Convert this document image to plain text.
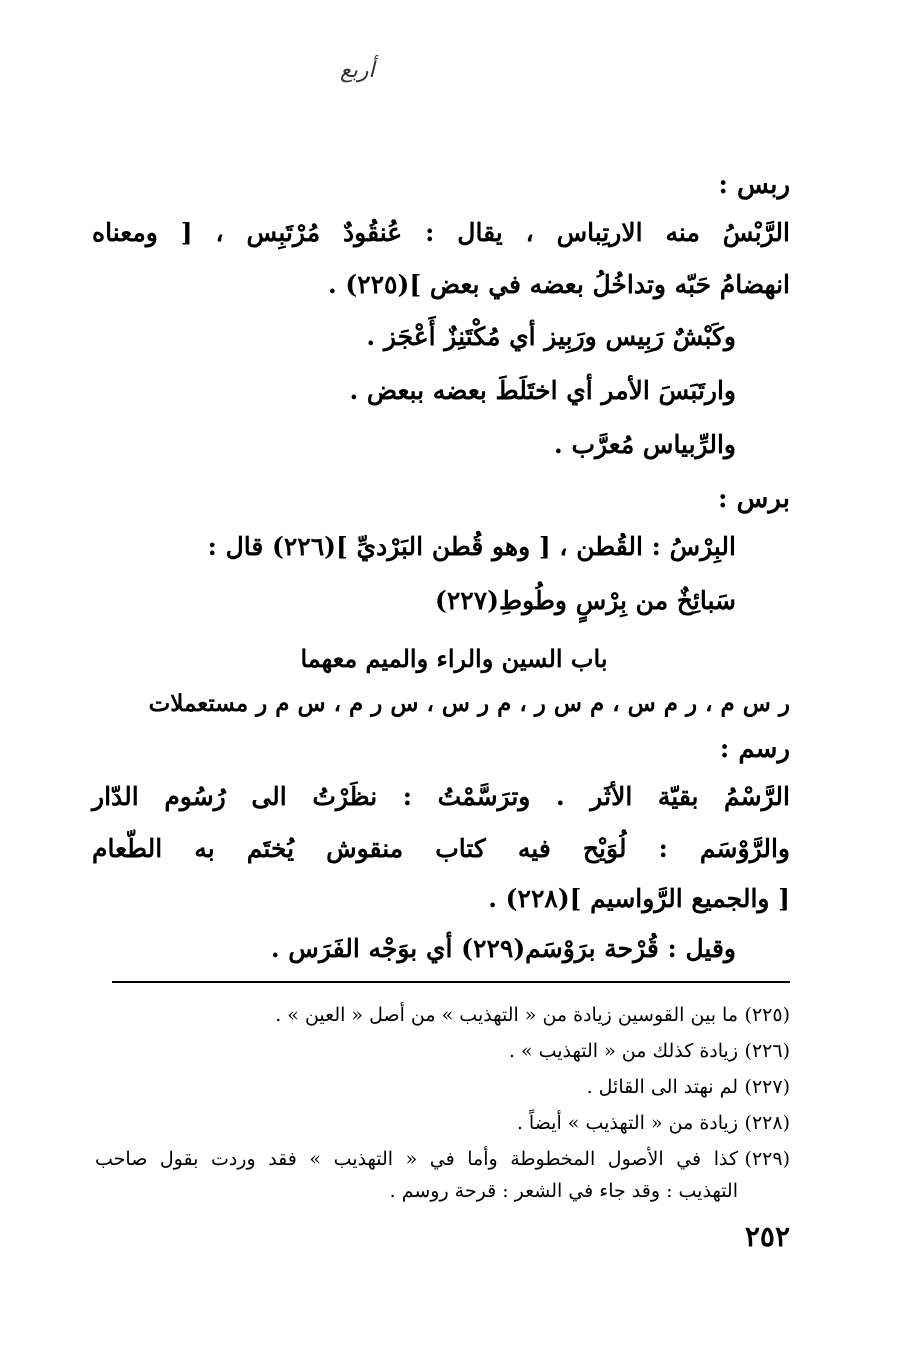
أربع
ربس :
الرَّبْسُ منه الارتِباس ، يقال : عُنقُودٌ مُرْتَبِس ، [ ومعناه
انهضامُ حَبّه وتداخُلُ بعضه في بعض ](٢٢٥) .
وكَبْشٌ رَبِيس ورَبِيز أي مُكْتَنِزٌ أَعْجَز .
وارتَبَسَ الأمر أي اختَلَطَ بعضه ببعض .
والرِّبياس مُعرَّب .
برس :
البِرْسُ : القُطن ، [ وهو قُطن البَرْديِّ ](٢٢٦) قال :
سَبائِخٌ من بِرْسٍ وطُوطِ(٢٢٧)
باب السين والراء والميم معهما
ر س م ، ر م س ، م س ر ، م ر س ، س ر م ، س م ر مستعملات
رسم :
الرَّسْمُ بقيّة الأثَر . وترَسَّمْتُ : نظَرْتُ الى رُسُوم الدّار
والرَّوْسَم : لُوَيْح فيه كتاب منقوش يُختَم به الطّعام
[ والجميع الرَّواسيم ](٢٢٨) .
وقيل : قُرْحة برَوْسَم(٢٢٩) أي بوَجْه الفَرَس .
(٢٢٥)ما بين القوسين زيادة من « التهذيب » من أصل « العين » .
(٢٢٦)زيادة كذلك من « التهذيب » .
(٢٢٧)لم نهتد الى القائل .
(٢٢٨)زيادة من « التهذيب » أيضاً .
(٢٢٩)كذا في الأصول المخطوطة وأما في « التهذيب » فقد وردت بقول صاحب
التهذيب : وقد جاء في الشعر : قرحة روسم .
٢٥٢
